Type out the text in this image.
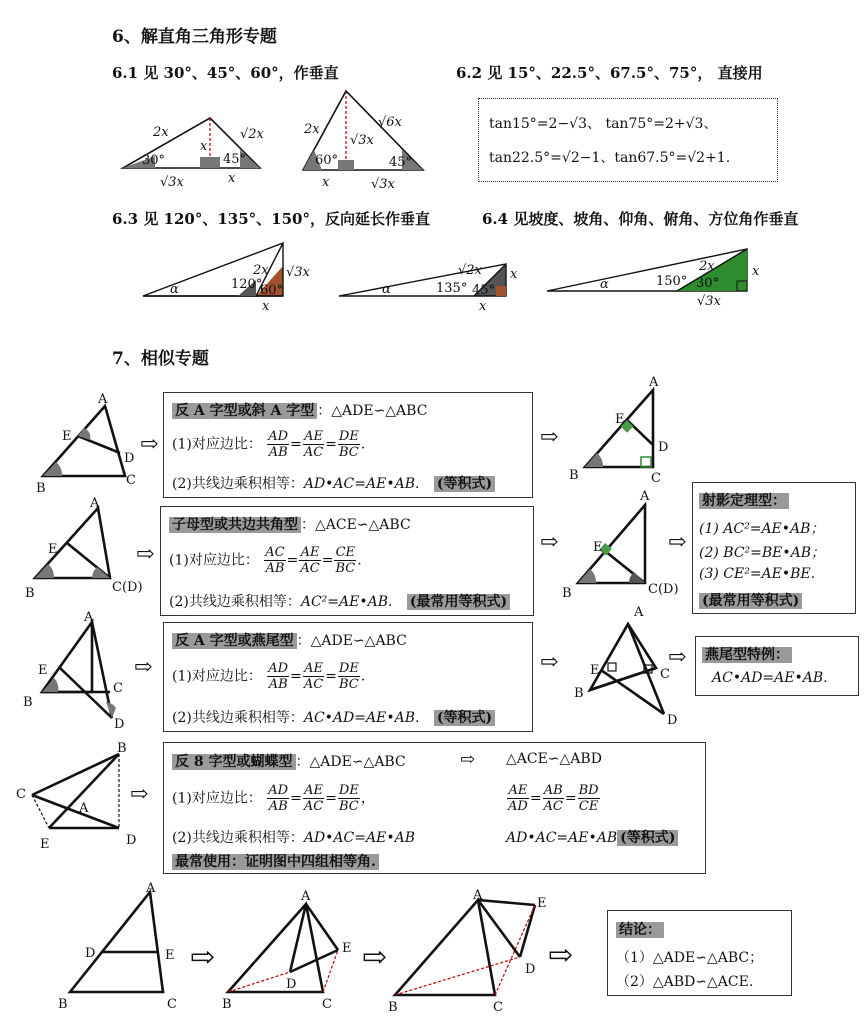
6、解直角三角形专题
6.1 见 30°、45°、60°，作垂直	6.2 见 15°、22.5°、67.5°、75°， 直接用
2x	√2x
x
30°	45°
√3x	x
2x	√6x
√3x
60°	45°
x	√3x
tan15°=2−√3、 tan75°=2+√3、
tan22.5°=√2−1、tan67.5°=√2+1.
6.3 见 120°、135°、150°，反向延长作垂直	6.4 见坡度、坡角、仰角、俯角、方位角作垂直
α	120°
2x √3x
60°
x
α	135°
√2x x
45°
x
α	150°
2x	x
30°
√3x
7、相似专题
A
E
D
B
C
⇨
反 A 字型或斜 A 字型 ：△ADE∽△ABC
(1)对应边比： $\frac{AD}{AB} = \frac{AE}{AC} = \frac{DE}{BC}$ .
(2)共线边乘积相等：AD•AC=AE•AB. (等积式)
⇨
A
E
D
B	C
A
E
B	C(D)
⇨
子母型或共边共角型 ：△ACE∽△ABC
(1)对应边比： $\frac{AC}{AB} = \frac{AE}{AC} = \frac{CE}{BC}$ .
(2)共线边乘积相等：AC²=AE•AB. (最常用等积式)
⇨
A
E
B	C(D)
⇨
射影定理型：
(1) AC²=AE•AB；
(2) BC²=BE•AB；
(3) CE²=AE•BE.
(最常用等积式)
A
E
B
C
D
⇨
反 A 字型或燕尾型 ：△ADE∽△ABC
(1)对应边比： $\frac{AD}{AB} = \frac{AE}{AC} = \frac{DE}{BC}$ .
(2)共线边乘积相等：AC•AD=AE•AB. (等积式)
⇨
A
E
B
C
D
⇨ 燕尾型特例：
AC•AD=AE•AB.
B
C
A
E	D
⇨
反 8 字型或蝴蝶型 ：△ADE∽△ABC	⇨ △ACE∽△ABD
(1)对应边比： $\frac{AD}{AB} = \frac{AE}{AC} = \frac{DE}{BC}$ ，	$\frac{AE}{AD} = \frac{AB}{AC} = \frac{BD}{CE}$
(2)共线边乘积相等：AD•AC=AE•AB	AD•AC=AE•AB (等积式)
最常使用：证明图中四组相等角.
A
D	E
B	C
⇨
A
E
D
B	C
⇨
A
E
D
B	C
⇨
结论：
（1）△ADE∽△ABC；
（2）△ABD∽△ACE.
